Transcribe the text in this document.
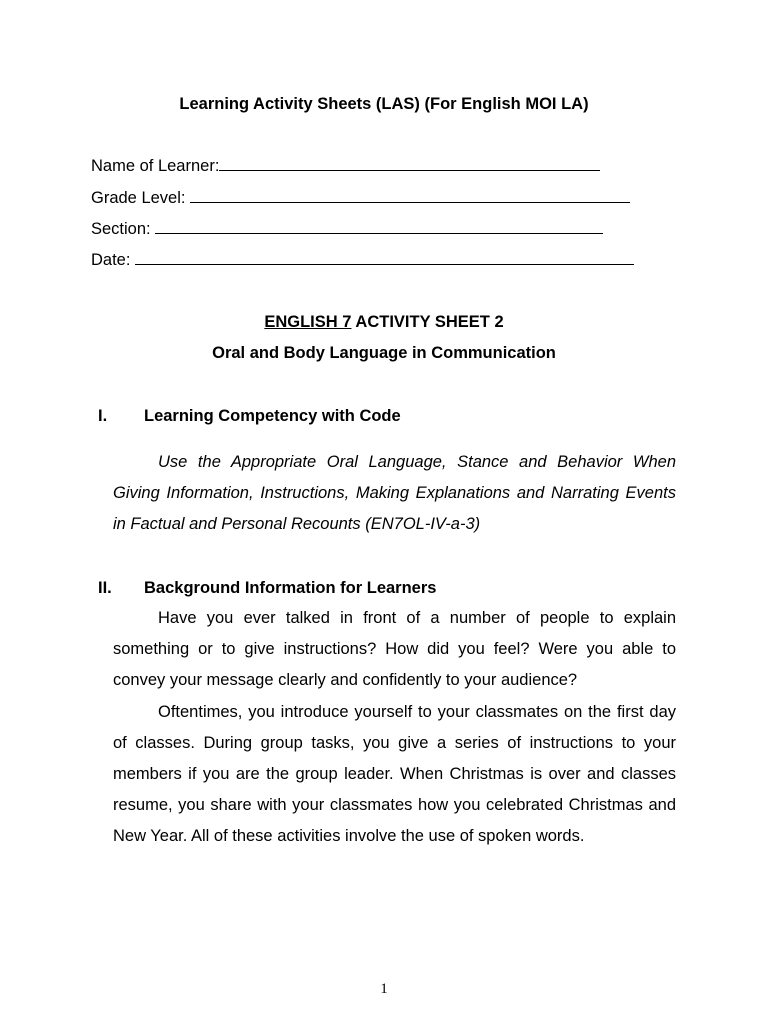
Learning Activity Sheets (LAS) (For English MOI LA)
Name of Learner:
Grade Level:
Section:
Date:
ENGLISH 7 ACTIVITY SHEET 2
Oral and Body Language in Communication
I. Learning Competency with Code
Use the Appropriate Oral Language, Stance and Behavior When Giving Information, Instructions, Making Explanations and Narrating Events in Factual and Personal Recounts (EN7OL-IV-a-3)
II. Background Information for Learners
Have you ever talked in front of a number of people to explain something or to give instructions? How did you feel? Were you able to convey your message clearly and confidently to your audience?
Oftentimes, you introduce yourself to your classmates on the first day of classes. During group tasks, you give a series of instructions to your members if you are the group leader. When Christmas is over and classes resume, you share with your classmates how you celebrated Christmas and New Year. All of these activities involve the use of spoken words.
1
